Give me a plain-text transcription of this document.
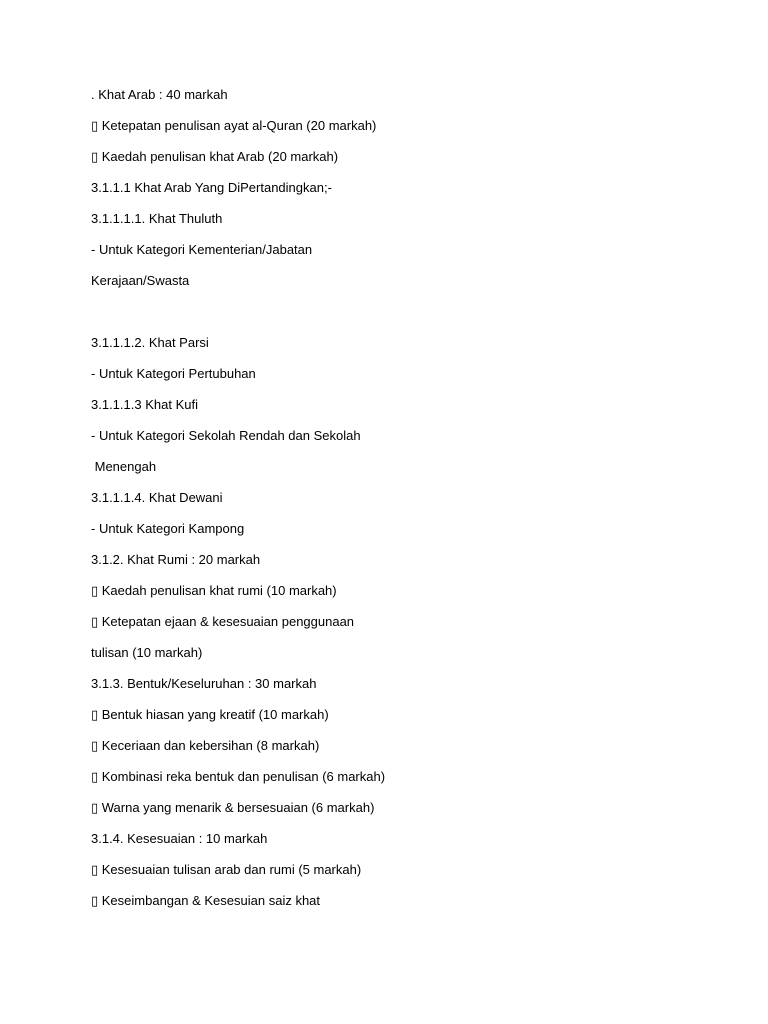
. Khat Arab : 40 markah
▯ Ketepatan penulisan ayat al-Quran (20 markah)
▯ Kaedah penulisan khat Arab (20 markah)
3.1.1.1 Khat Arab Yang DiPertandingkan;-
3.1.1.1.1. Khat Thuluth
- Untuk Kategori Kementerian/Jabatan
Kerajaan/Swasta
3.1.1.1.2. Khat Parsi
- Untuk Kategori Pertubuhan
3.1.1.1.3 Khat Kufi
- Untuk Kategori Sekolah Rendah dan Sekolah
Menengah
3.1.1.1.4. Khat Dewani
- Untuk Kategori Kampong
3.1.2. Khat Rumi : 20 markah
▯ Kaedah penulisan khat rumi (10 markah)
▯ Ketepatan ejaan & kesesuaian penggunaan
tulisan (10 markah)
3.1.3. Bentuk/Keseluruhan : 30 markah
▯ Bentuk hiasan yang kreatif (10 markah)
▯ Keceriaan dan kebersihan (8 markah)
▯ Kombinasi reka bentuk dan penulisan (6 markah)
▯ Warna yang menarik & bersesuaian (6 markah)
3.1.4. Kesesuaian : 10 markah
▯ Kesesuaian tulisan arab dan rumi (5 markah)
▯ Keseimbangan & Kesesuian saiz khat
